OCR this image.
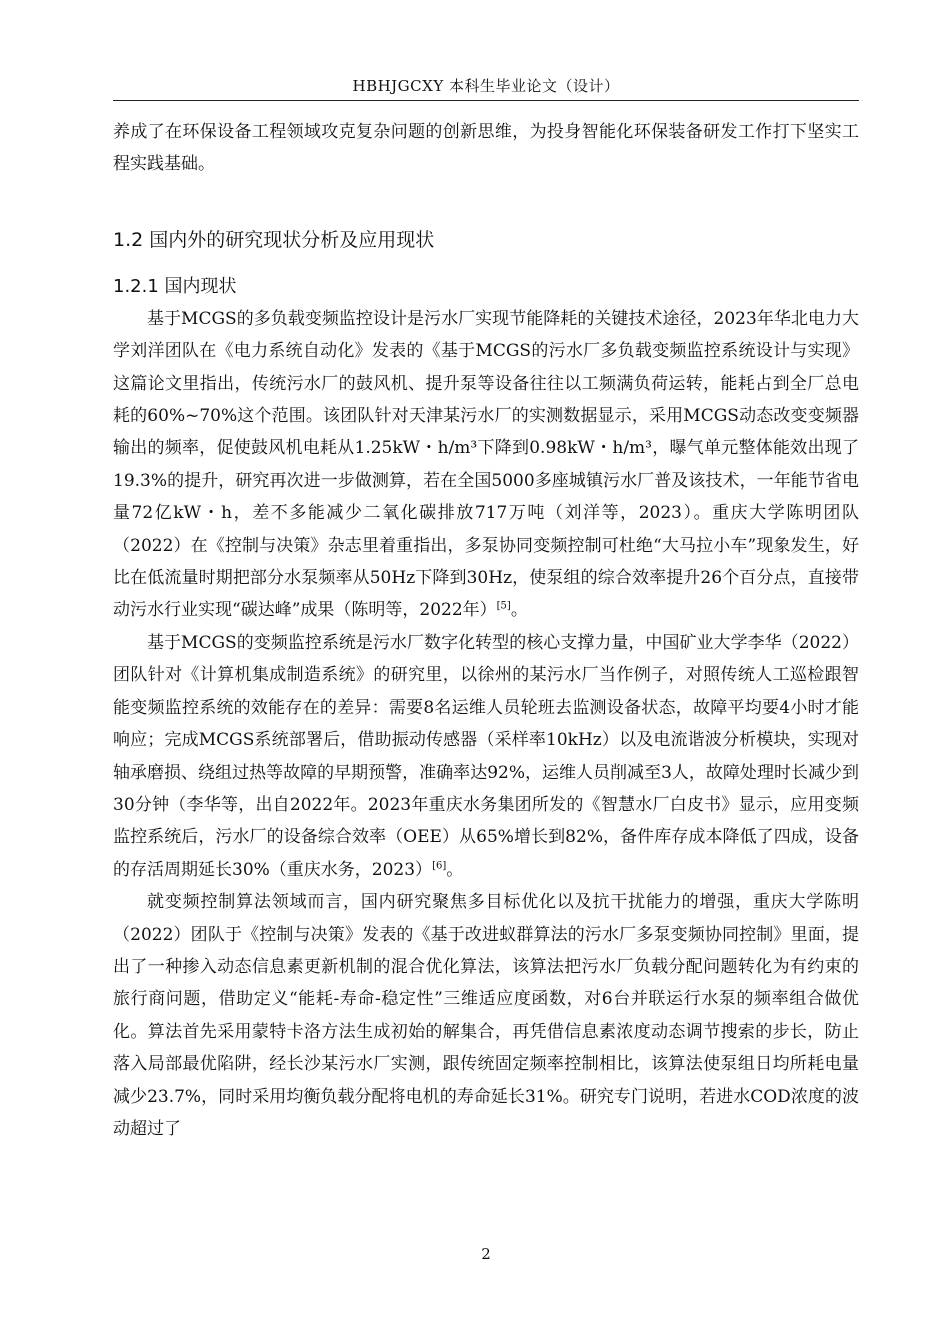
HBHJGCXY 本科生毕业论文（设计）

养成了在环保设备工程领域攻克复杂问题的创新思维，为投身智能化环保装备研发工作打下坚实工程实践基础。

1.2 国内外的研究现状分析及应用现状
1.2.1 国内现状

基于MCGS的多负载变频监控设计是污水厂实现节能降耗的关键技术途径，2023年华北电力大学刘洋团队在《电力系统自动化》发表的《基于MCGS的污水厂多负载变频监控系统设计与实现》这篇论文里指出，传统污水厂的鼓风机、提升泵等设备往往以工频满负荷运转，能耗占到全厂总电耗的60%~70%这个范围。该团队针对天津某污水厂的实测数据显示，采用MCGS动态改变变频器输出的频率，促使鼓风机电耗从1.25kW・h/m³下降到0.98kW・h/m³，曝气单元整体能效出现了19.3%的提升，研究再次进一步做测算，若在全国5000多座城镇污水厂普及该技术，一年能节省电量72亿kW・h，差不多能减少二氧化碳排放717万吨（刘洋等，2023）。重庆大学陈明团队（2022）在《控制与决策》杂志里着重指出，多泵协同变频控制可杜绝“大马拉小车”现象发生，好比在低流量时期把部分水泵频率从50Hz下降到30Hz，使泵组的综合效率提升26个百分点，直接带动污水行业实现“碳达峰”成果（陈明等，2022年）[5]。

基于MCGS的变频监控系统是污水厂数字化转型的核心支撑力量，中国矿业大学李华（2022）团队针对《计算机集成制造系统》的研究里，以徐州的某污水厂当作例子，对照传统人工巡检跟智能变频监控系统的效能存在的差异：需要8名运维人员轮班去监测设备状态，故障平均要4小时才能响应；完成MCGS系统部署后，借助振动传感器（采样率10kHz）以及电流谐波分析模块，实现对轴承磨损、绕组过热等故障的早期预警，准确率达92%，运维人员削减至3人，故障处理时长减少到30分钟（李华等，出自2022年。2023年重庆水务集团所发的《智慧水厂白皮书》显示，应用变频监控系统后，污水厂的设备综合效率（OEE）从65%增长到82%，备件库存成本降低了四成，设备的存活周期延长30%（重庆水务，2023）[6]。

就变频控制算法领域而言，国内研究聚焦多目标优化以及抗干扰能力的增强，重庆大学陈明（2022）团队于《控制与决策》发表的《基于改进蚁群算法的污水厂多泵变频协同控制》里面，提出了一种掺入动态信息素更新机制的混合优化算法，该算法把污水厂负载分配问题转化为有约束的旅行商问题，借助定义“能耗-寿命-稳定性”三维适应度函数，对6台并联运行水泵的频率组合做优化。算法首先采用蒙特卡洛方法生成初始的解集合，再凭借信息素浓度动态调节搜索的步长，防止落入局部最优陷阱，经长沙某污水厂实测，跟传统固定频率控制相比，该算法使泵组日均所耗电量减少23.7%，同时采用均衡负载分配将电机的寿命延长31%。研究专门说明，若进水COD浓度的波动超过了

2
